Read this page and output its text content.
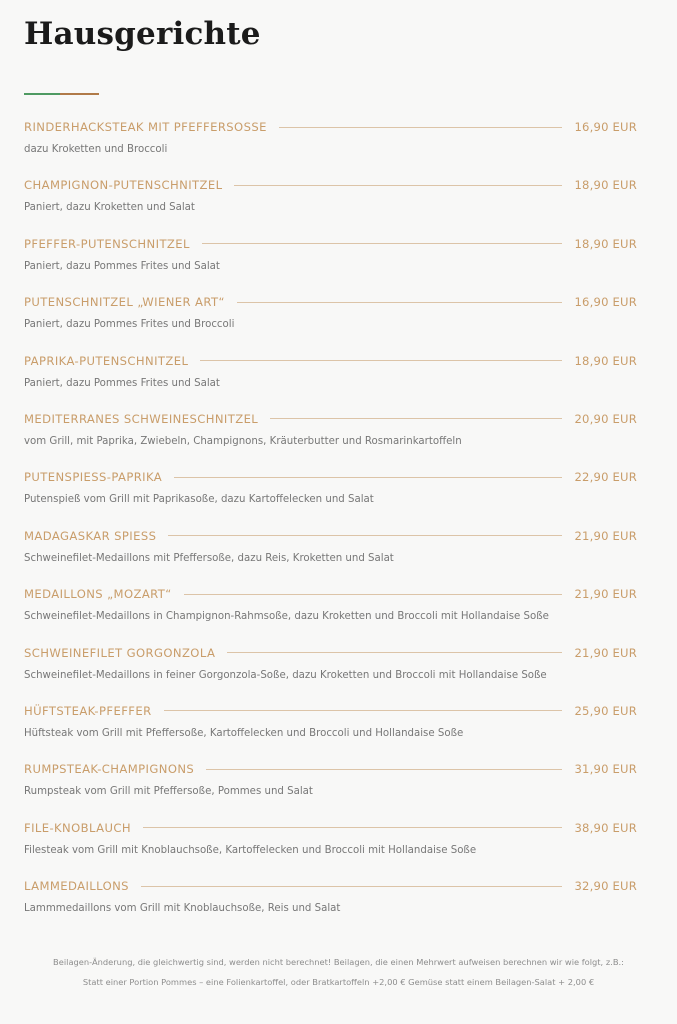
Hausgerichte
RINDERHACKSTEAK MIT PFEFFERSOSSE	16,90 EUR
dazu Kroketten und Broccoli
CHAMPIGNON-PUTENSCHNITZEL	18,90 EUR
Paniert, dazu Kroketten und Salat
PFEFFER-PUTENSCHNITZEL	18,90 EUR
Paniert, dazu Pommes Frites und Salat
PUTENSCHNITZEL „WIENER ART“	16,90 EUR
Paniert, dazu Pommes Frites und Broccoli
PAPRIKA-PUTENSCHNITZEL	18,90 EUR
Paniert, dazu Pommes Frites und Salat
MEDITERRANES SCHWEINESCHNITZEL	20,90 EUR
vom Grill, mit Paprika, Zwiebeln, Champignons, Kräuterbutter und Rosmarinkartoffeln
PUTENSPIESS-PAPRIKA	22,90 EUR
Putenspieß vom Grill mit Paprikasoße, dazu Kartoffelecken und Salat
MADAGASKAR SPIESS	21,90 EUR
Schweinefilet-Medaillons mit Pfeffersoße, dazu Reis, Kroketten und Salat
MEDAILLONS „MOZART“	21,90 EUR
Schweinefilet-Medaillons in Champignon-Rahmsoße, dazu Kroketten und Broccoli mit Hollandaise Soße
SCHWEINEFILET GORGONZOLA	21,90 EUR
Schweinefilet-Medaillons in feiner Gorgonzola-Soße, dazu Kroketten und Broccoli mit Hollandaise Soße
HÜFTSTEAK-PFEFFER	25,90 EUR
Hüftsteak vom Grill mit Pfeffersoße, Kartoffelecken und Broccoli und Hollandaise Soße
RUMPSTEAK-CHAMPIGNONS	31,90 EUR
Rumpsteak vom Grill mit Pfeffersoße, Pommes und Salat
FILE-KNOBLAUCH	38,90 EUR
Filesteak vom Grill mit Knoblauchsoße, Kartoffelecken und Broccoli mit Hollandaise Soße
LAMMEDAILLONS	32,90 EUR
Lammmedaillons vom Grill mit Knoblauchsoße, Reis und Salat
Beilagen-Änderung, die gleichwertig sind, werden nicht berechnet! Beilagen, die einen Mehrwert aufweisen berechnen wir wie folgt, z.B.:
Statt einer Portion Pommes – eine Folienkartoffel, oder Bratkartoffeln +2,00 € Gemüse statt einem Beilagen-Salat + 2,00 €
